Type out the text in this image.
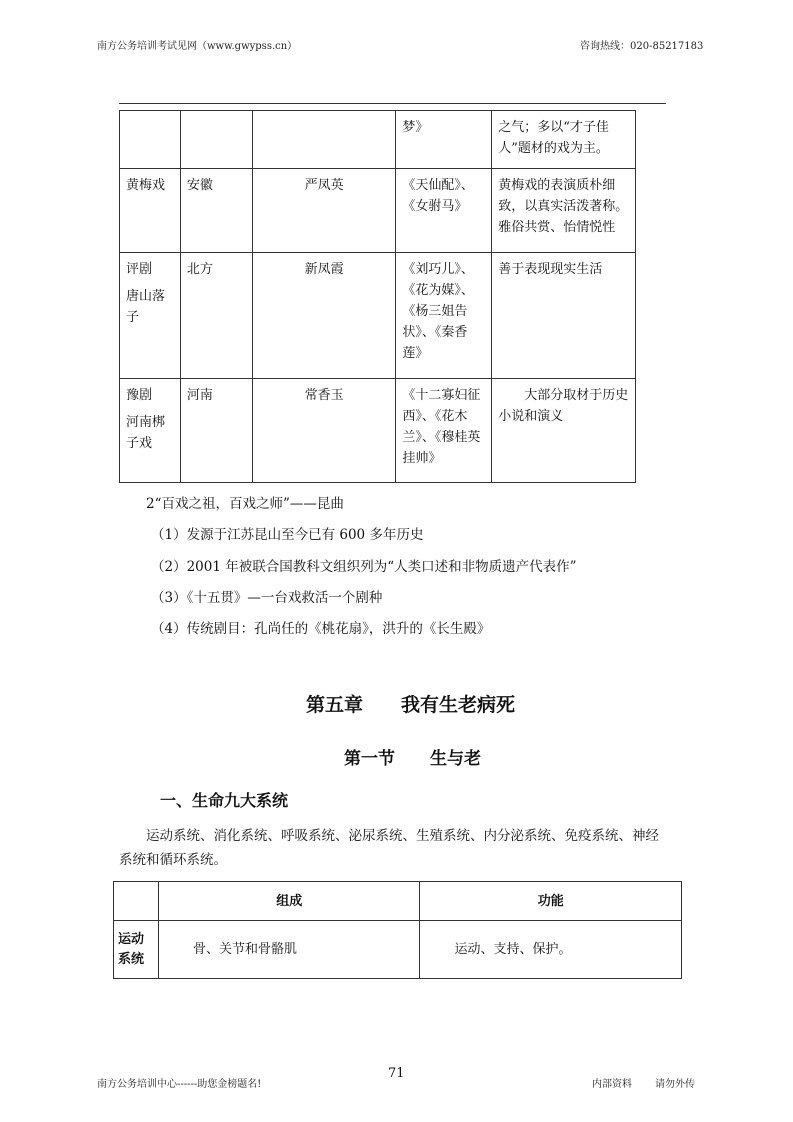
南方公务培训考试见网（www.gwypss.cn）	咨询热线：020-85217183
			梦》	之气；多以“才子佳人”题材的戏为主。
黄梅戏	安徽	严凤英	《天仙配》、《女驸马》	黄梅戏的表演质朴细致，以真实活泼著称。雅俗共赏、怡情悦性

评剧
唐山落子	北方	新凤霞	《刘巧儿》、《花为媒》、《杨三姐告状》、《秦香莲》	善于表现现实生活

豫剧
河南梆子戏	河南	常香玉	《十二寡妇征西》、《花木兰》、《穆桂英挂帅》	大部分取材于历史小说和演义
2“百戏之祖，百戏之师”——昆曲
（1）发源于江苏昆山至今已有 600 多年历史
（2）2001 年被联合国教科文组织列为“人类口述和非物质遗产代表作”
（3）《十五贯》—一台戏救活一个剧种
（4）传统剧目：孔尚任的《桃花扇》，洪升的《长生殿》
第五章 我有生老病死
第一节 生与老
一、生命九大系统
运动系统、消化系统、呼吸系统、泌尿系统、生殖系统、内分泌系统、免疫系统、神经
系统和循环系统。
	组成	功能

运动
系统	骨、关节和骨骼肌	运动、支持、保护。
南方公务培训中心------助您金榜题名!
71
内部资料 请勿外传
